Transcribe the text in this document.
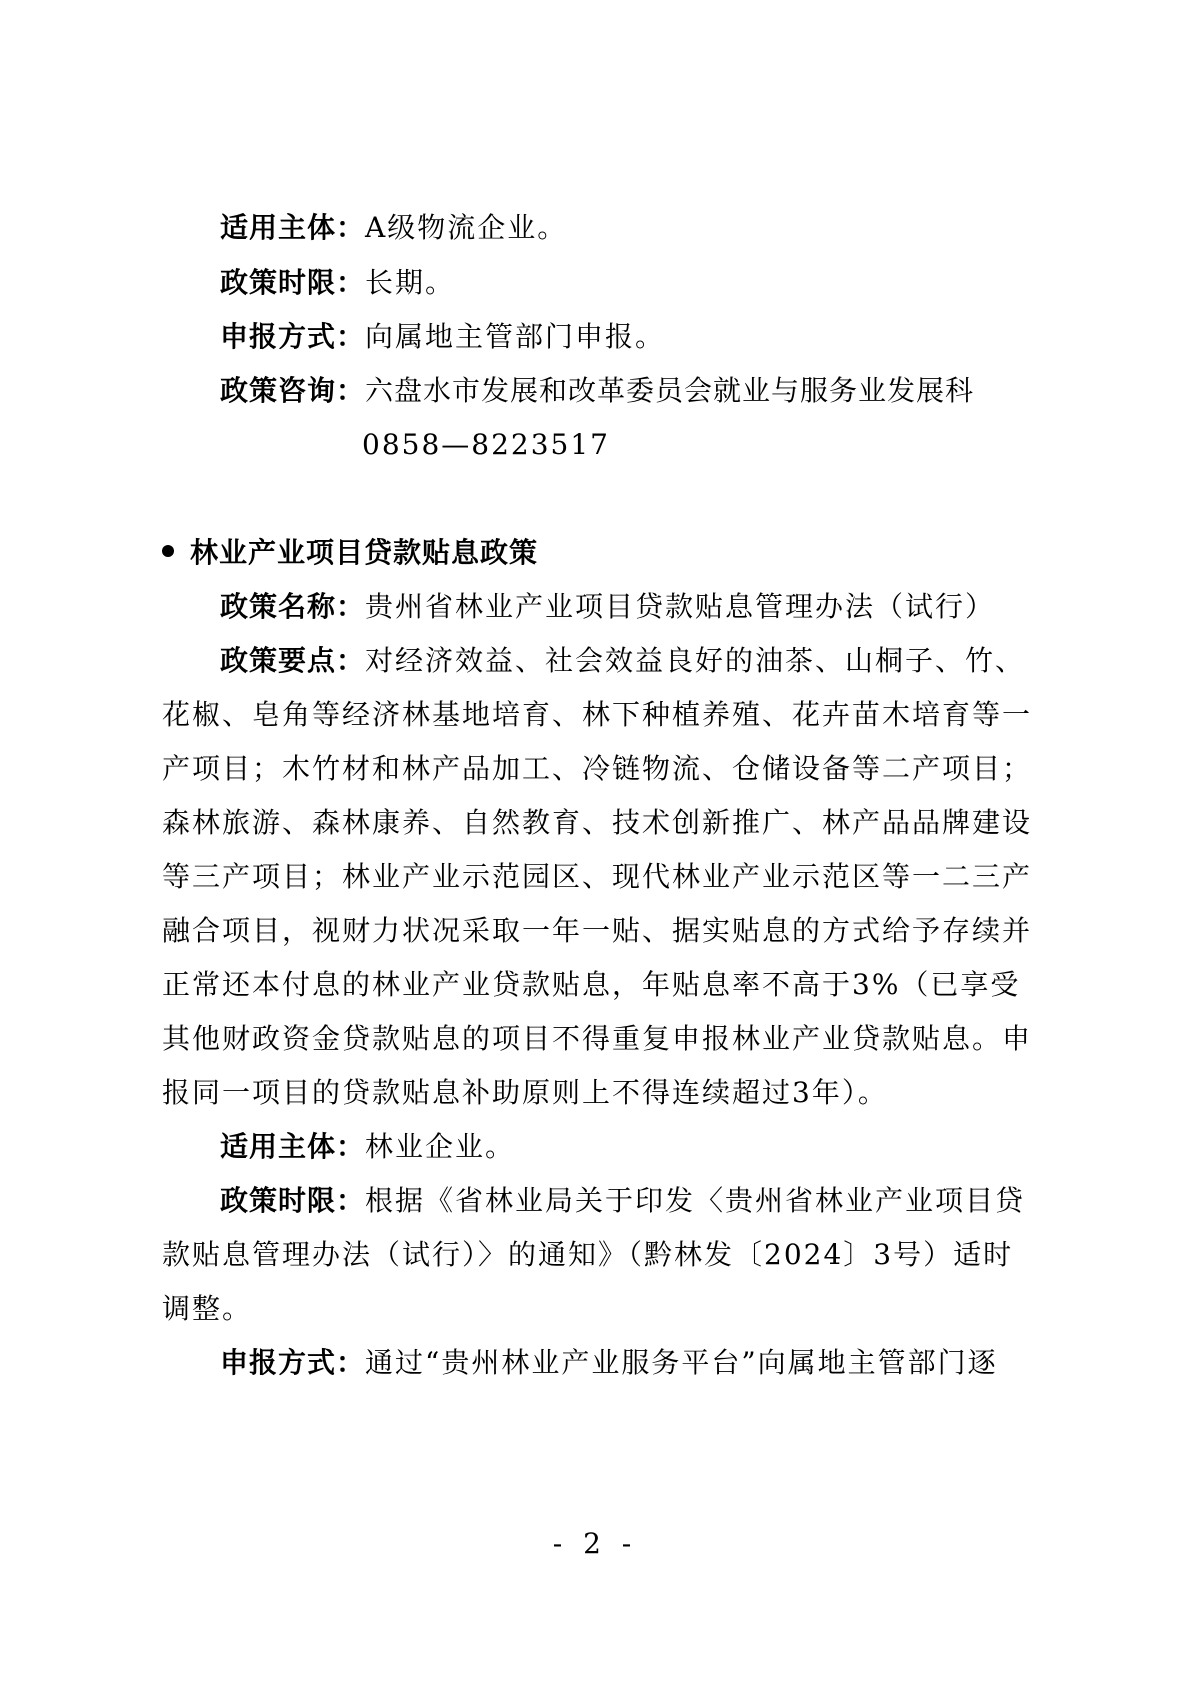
适用主体：A级物流企业。
政策时限：长期。
申报方式：向属地主管部门申报。
政策咨询：六盘水市发展和改革委员会就业与服务业发展科
0858—8223517
林业产业项目贷款贴息政策
政策名称：贵州省林业产业项目贷款贴息管理办法（试行）
政策要点：对经济效益、社会效益良好的油茶、山桐子、竹、
花椒、皂角等经济林基地培育、林下种植养殖、花卉苗木培育等一
产项目；木竹材和林产品加工、冷链物流、仓储设备等二产项目；
森林旅游、森林康养、自然教育、技术创新推广、林产品品牌建设
等三产项目；林业产业示范园区、现代林业产业示范区等一二三产
融合项目，视财力状况采取一年一贴、据实贴息的方式给予存续并
正常还本付息的林业产业贷款贴息，年贴息率不高于3%（已享受
其他财政资金贷款贴息的项目不得重复申报林业产业贷款贴息。申
报同一项目的贷款贴息补助原则上不得连续超过3年）。
适用主体：林业企业。
政策时限：根据《省林业局关于印发〈贵州省林业产业项目贷
款贴息管理办法（试行）〉的通知》（黔林发〔2024〕3号）适时
调整。
申报方式：通过“贵州林业产业服务平台”向属地主管部门逐
- 2 -
